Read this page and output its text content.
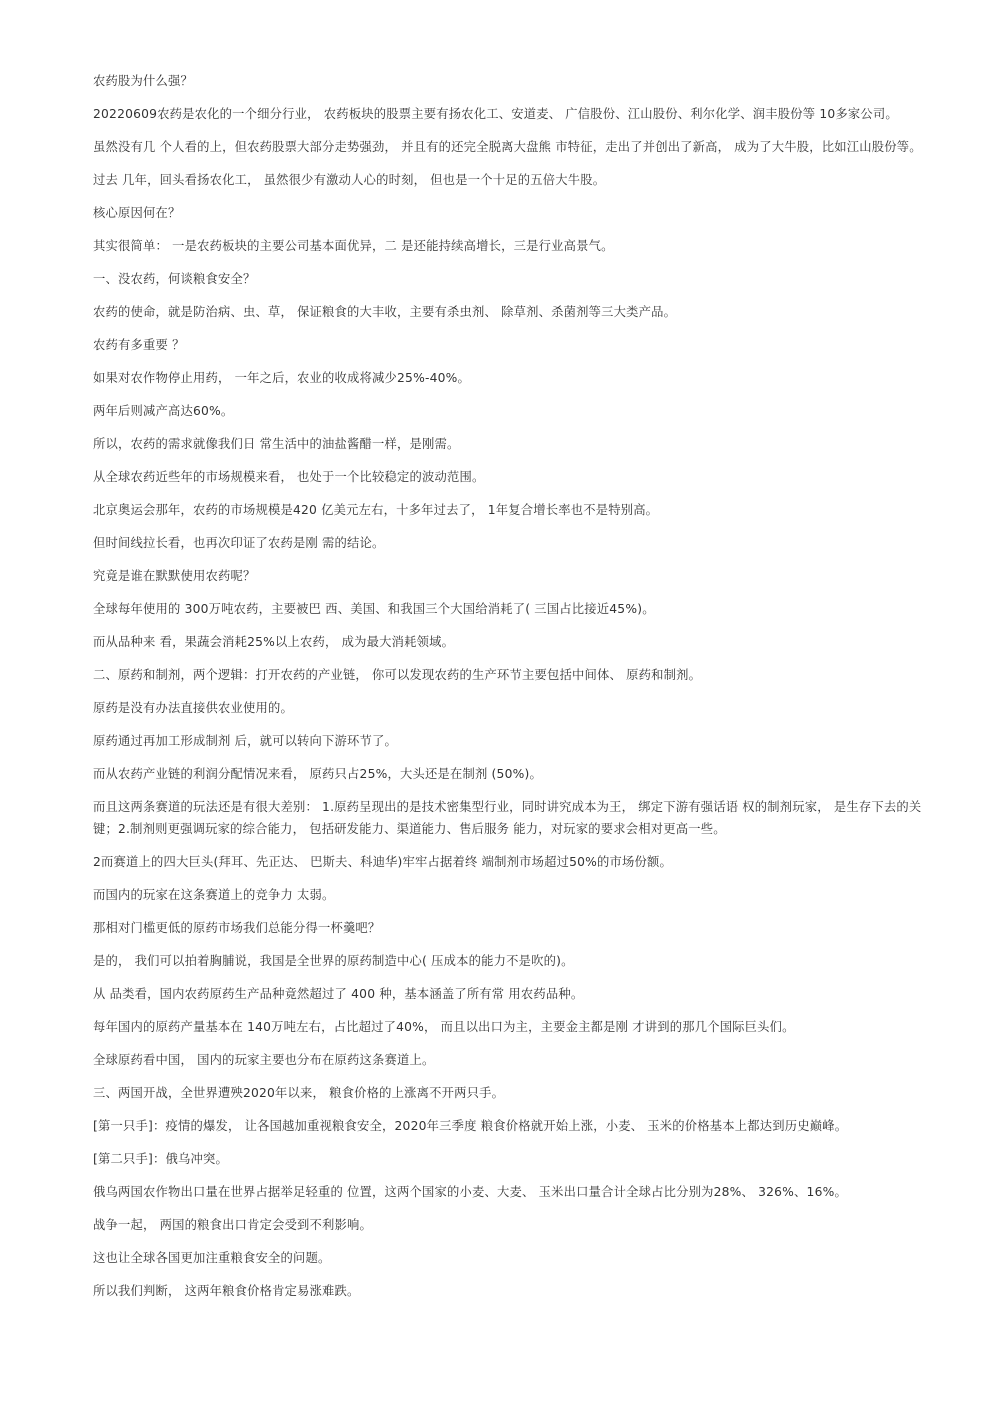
农药股为什么强？

20220609农药是农化的一个细分行业， 农药板块的股票主要有扬农化工、安道麦、 广信股份、江山股份、利尔化学、润丰股份等 10多家公司。

虽然没有几 个人看的上，但农药股票大部分走势强劲， 并且有的还完全脱离大盘熊 市特征，走出了并创出了新高， 成为了大牛股，比如江山股份等。

过去 几年，回头看扬农化工， 虽然很少有激动人心的时刻， 但也是一个十足的五倍大牛股。

核心原因何在？

其实很简单： 一是农药板块的主要公司基本面优异，二 是还能持续高增长，三是行业高景气。

一、没农药，何谈粮食安全？

农药的使命，就是防治病、虫、草， 保证粮食的大丰收，主要有杀虫剂、 除草剂、杀菌剂等三大类产品。

农药有多重要 ？

如果对农作物停止用药， 一年之后，农业的收成将减少25%-40%。

两年后则减产高达60%。

所以，农药的需求就像我们日 常生活中的油盐酱醋一样，是刚需。

从全球农药近些年的市场规模来看， 也处于一个比较稳定的波动范围。

北京奥运会那年，农药的市场规模是420 亿美元左右，十多年过去了， 1年复合增长率也不是特别高。

但时间线拉长看，也再次印证了农药是刚 需的结论。

究竟是谁在默默使用农药呢？

全球每年使用的 300万吨农药，主要被巴 西、美国、和我国三个大国给消耗了( 三国占比接近45%)。

而从品种来 看，果蔬会消耗25%以上农药， 成为最大消耗领域。

二、原药和制剂，两个逻辑：打开农药的产业链， 你可以发现农药的生产环节主要包括中间体、 原药和制剂。

原药是没有办法直接供农业使用的。

原药通过再加工形成制剂 后，就可以转向下游环节了。

而从农药产业链的利润分配情况来看， 原药只占25%，大头还是在制剂 (50%)。

而且这两条赛道的玩法还是有很大差别： 1.原药呈现出的是技术密集型行业，同时讲究成本为王， 绑定下游有强话语 权的制剂玩家， 是生存下去的关键；2.制剂则更强调玩家的综合能力， 包括研发能力、渠道能力、售后服务 能力，对玩家的要求会相对更高一些。

2而赛道上的四大巨头(拜耳、先正达、 巴斯夫、科迪华)牢牢占据着终 端制剂市场超过50%的市场份额。

而国内的玩家在这条赛道上的竞争力 太弱。

那相对门槛更低的原药市场我们总能分得一杯羹吧？

是的， 我们可以拍着胸脯说，我国是全世界的原药制造中心( 压成本的能力不是吹的)。

从 品类看，国内农药原药生产品种竟然超过了 400 种，基本涵盖了所有常 用农药品种。

每年国内的原药产量基本在 140万吨左右，占比超过了40%， 而且以出口为主，主要金主都是刚 才讲到的那几个国际巨头们。

全球原药看中国， 国内的玩家主要也分布在原药这条赛道上。

三、两国开战，全世界遭殃2020年以来， 粮食价格的上涨离不开两只手。

[第一只手]：疫情的爆发， 让各国越加重视粮食安全，2020年三季度 粮食价格就开始上涨，小麦、 玉米的价格基本上都达到历史巅峰。

[第二只手]：俄乌冲突。

俄乌两国农作物出口量在世界占据举足轻重的 位置，这两个国家的小麦、大麦、 玉米出口量合计全球占比分别为28%、 326%、16%。

战争一起， 两国的粮食出口肯定会受到不利影响。

这也让全球各国更加注重粮食安全的问题。

所以我们判断， 这两年粮食价格肯定易涨难跌。
